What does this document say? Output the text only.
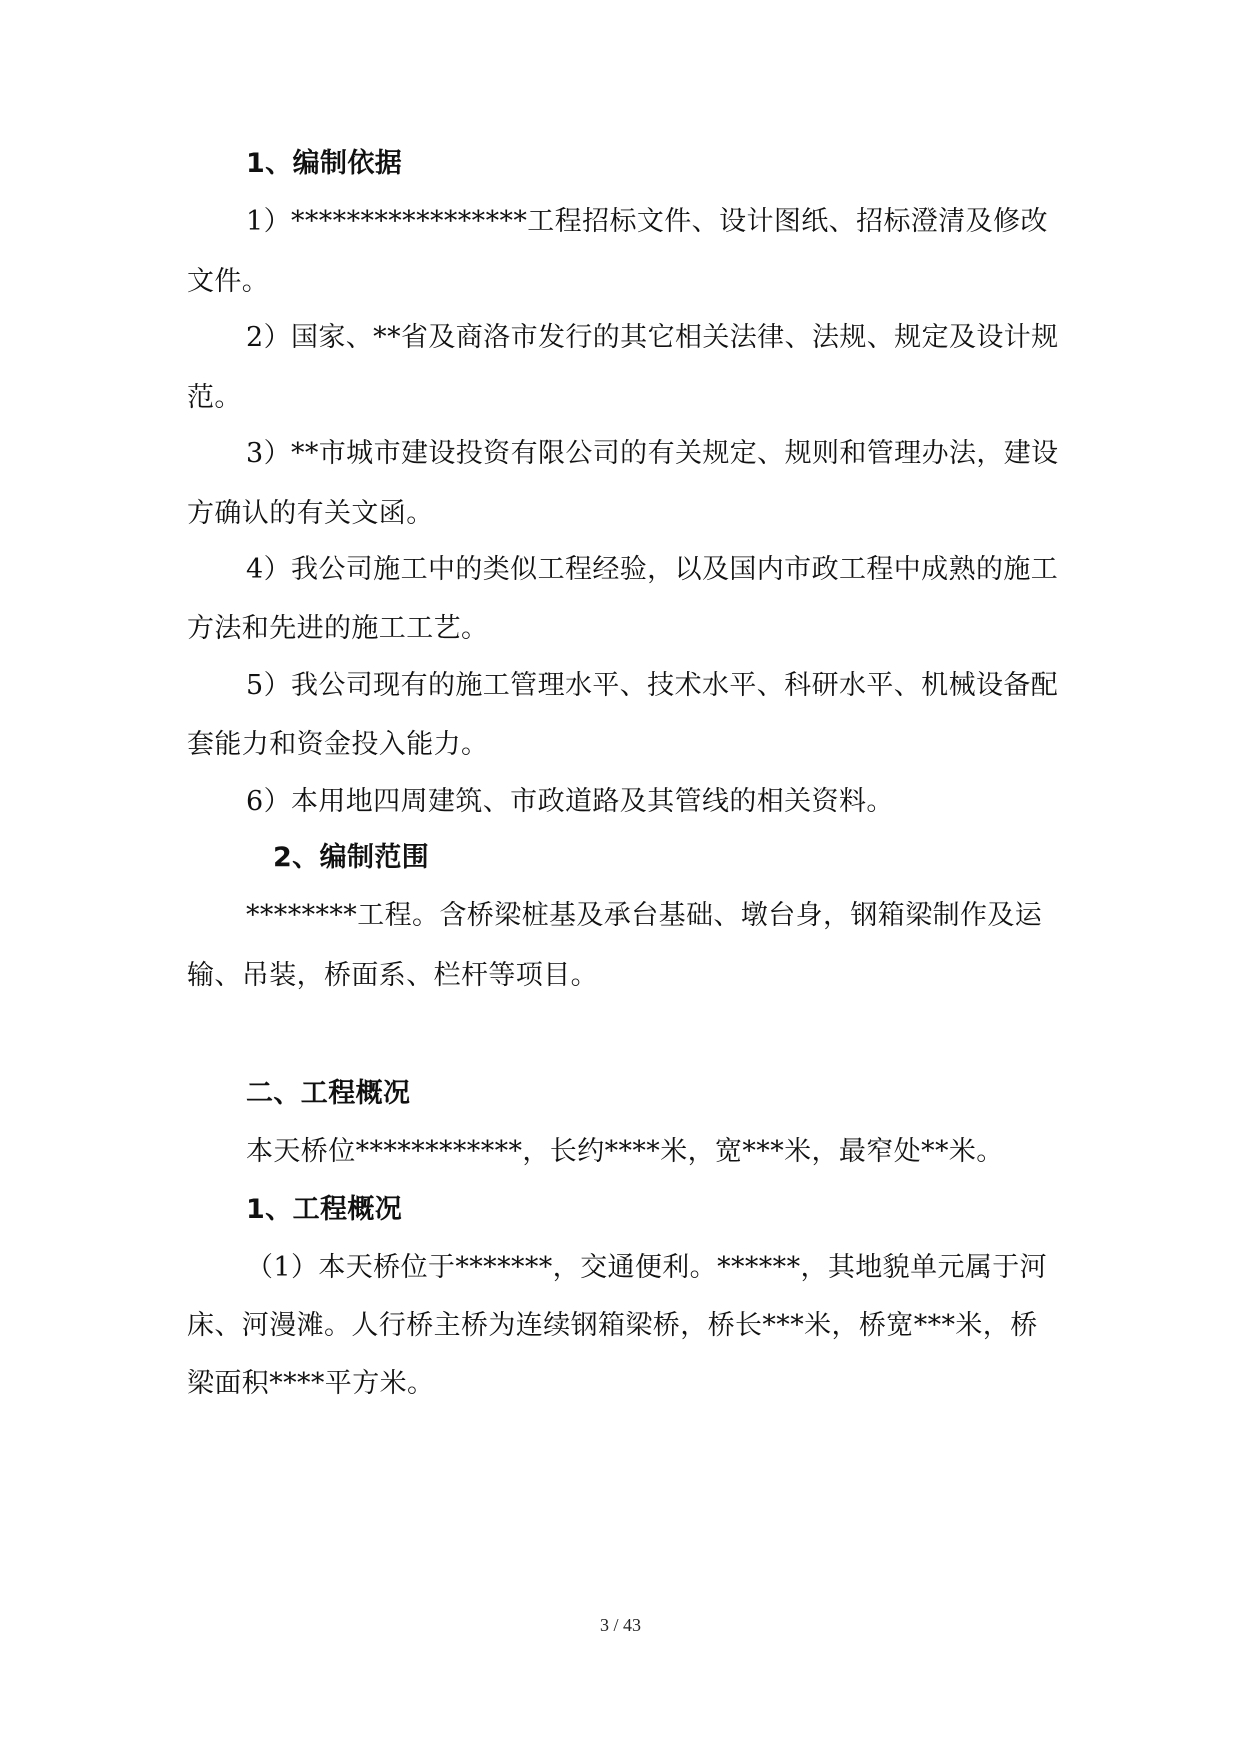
1、编制依据
1）*****************工程招标文件、设计图纸、招标澄清及修改
文件。
2）国家、**省及商洛市发行的其它相关法律、法规、规定及设计规
范。
3）**市城市建设投资有限公司的有关规定、规则和管理办法，建设
方确认的有关文函。
4）我公司施工中的类似工程经验，以及国内市政工程中成熟的施工
方法和先进的施工工艺。
5）我公司现有的施工管理水平、技术水平、科研水平、机械设备配
套能力和资金投入能力。
6）本用地四周建筑、市政道路及其管线的相关资料。
2、编制范围
********工程。含桥梁桩基及承台基础、墩台身，钢箱梁制作及运
输、吊装，桥面系、栏杆等项目。
二、工程概况
本天桥位************，长约****米，宽***米，最窄处**米。
1、工程概况
（1）本天桥位于*******，交通便利。******，其地貌单元属于河
床、河漫滩。人行桥主桥为连续钢箱梁桥，桥长***米，桥宽***米，桥
梁面积****平方米。
3 / 43
